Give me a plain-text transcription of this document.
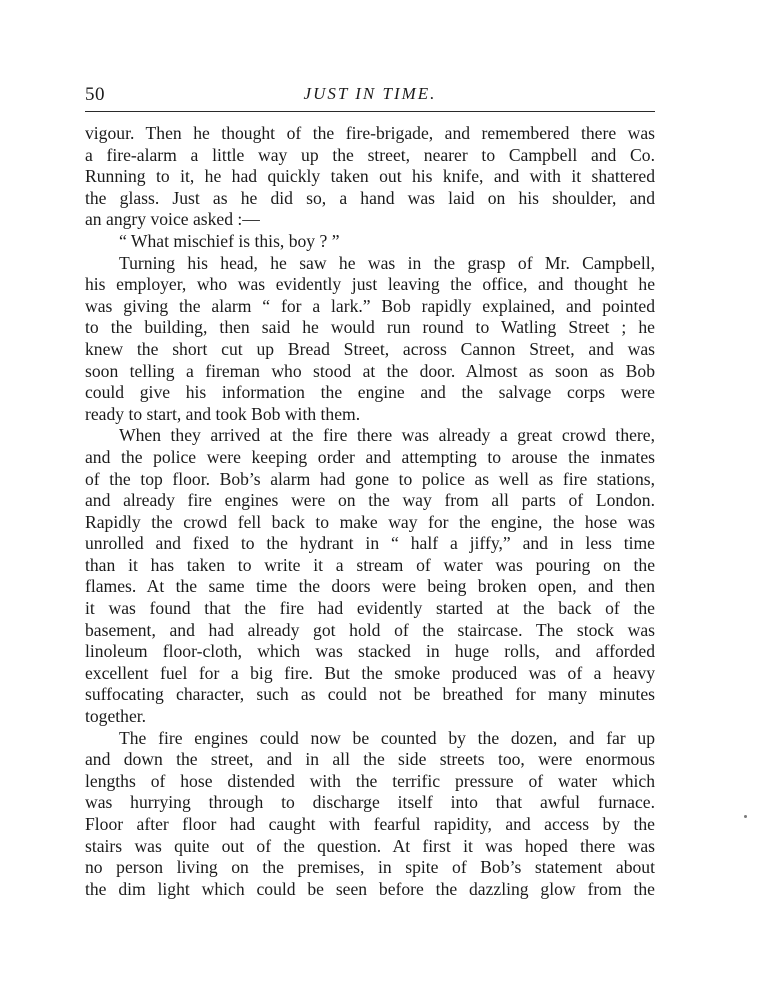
50	JUST IN TIME.
vigour. Then he thought of the fire-brigade, and remembered there was
a fire-alarm a little way up the street, nearer to Campbell and Co.
Running to it, he had quickly taken out his knife, and with it shattered
the glass. Just as he did so, a hand was laid on his shoulder, and
an angry voice asked :—
“ What mischief is this, boy ? ”
Turning his head, he saw he was in the grasp of Mr. Campbell,
his employer, who was evidently just leaving the office, and thought he
was giving the alarm “ for a lark.” Bob rapidly explained, and pointed
to the building, then said he would run round to Watling Street ; he
knew the short cut up Bread Street, across Cannon Street, and was
soon telling a fireman who stood at the door. Almost as soon as Bob
could give his information the engine and the salvage corps were
ready to start, and took Bob with them.
When they arrived at the fire there was already a great crowd there,
and the police were keeping order and attempting to arouse the inmates
of the top floor. Bob’s alarm had gone to police as well as fire stations,
and already fire engines were on the way from all parts of London.
Rapidly the crowd fell back to make way for the engine, the hose was
unrolled and fixed to the hydrant in “ half a jiffy,” and in less time
than it has taken to write it a stream of water was pouring on the
flames. At the same time the doors were being broken open, and then
it was found that the fire had evidently started at the back of the
basement, and had already got hold of the staircase. The stock was
linoleum floor-cloth, which was stacked in huge rolls, and afforded
excellent fuel for a big fire. But the smoke produced was of a heavy
suffocating character, such as could not be breathed for many minutes
together.
The fire engines could now be counted by the dozen, and far up
and down the street, and in all the side streets too, were enormous
lengths of hose distended with the terrific pressure of water which
was hurrying through to discharge itself into that awful furnace.
Floor after floor had caught with fearful rapidity, and access by the
stairs was quite out of the question. At first it was hoped there was
no person living on the premises, in spite of Bob’s statement about
the dim light which could be seen before the dazzling glow from the
